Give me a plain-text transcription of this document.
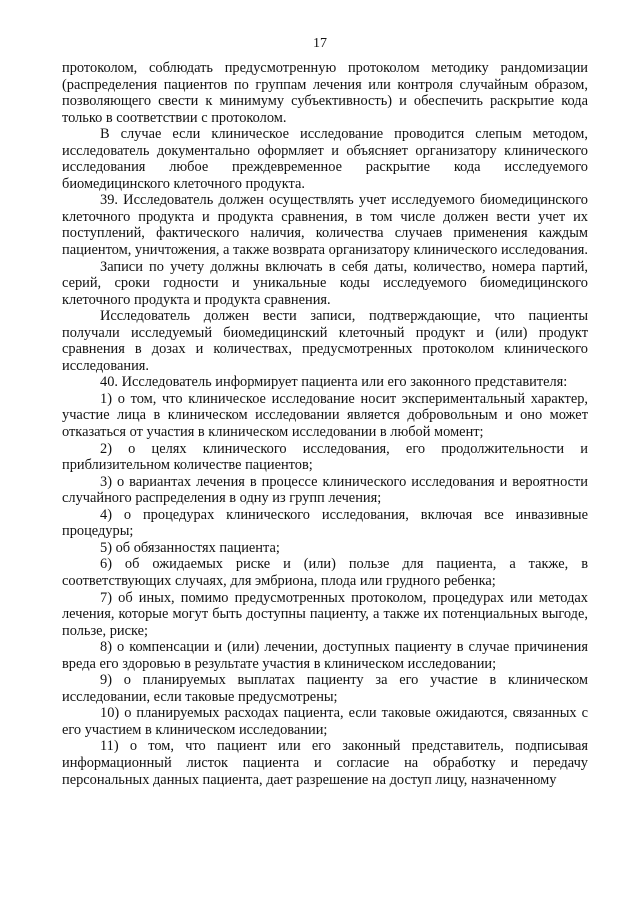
17

протоколом, соблюдать предусмотренную протоколом методику рандомизации (распределения пациентов по группам лечения или контроля случайным образом, позволяющего свести к минимуму субъективность) и обеспечить раскрытие кода только в соответствии с протоколом.

В случае если клиническое исследование проводится слепым методом, исследователь документально оформляет и объясняет организатору клинического исследования любое преждевременное раскрытие кода исследуемого биомедицинского клеточного продукта.

39. Исследователь должен осуществлять учет исследуемого биомедицинского клеточного продукта и продукта сравнения, в том числе должен вести учет их поступлений, фактического наличия, количества случаев применения каждым пациентом, уничтожения, а также возврата организатору клинического исследования.

Записи по учету должны включать в себя даты, количество, номера партий, серий, сроки годности и уникальные коды исследуемого биомедицинского клеточного продукта и продукта сравнения.

Исследователь должен вести записи, подтверждающие, что пациенты получали исследуемый биомедицинский клеточный продукт и (или) продукт сравнения в дозах и количествах, предусмотренных протоколом клинического исследования.

40. Исследователь информирует пациента или его законного представителя:

1) о том, что клиническое исследование носит экспериментальный характер, участие лица в клиническом исследовании является добровольным и оно может отказаться от участия в клиническом исследовании в любой момент;

2) о целях клинического исследования, его продолжительности и приблизительном количестве пациентов;

3) о вариантах лечения в процессе клинического исследования и вероятности случайного распределения в одну из групп лечения;

4) о процедурах клинического исследования, включая все инвазивные процедуры;

5) об обязанностях пациента;

6) об ожидаемых риске и (или) пользе для пациента, а также, в соответствующих случаях, для эмбриона, плода или грудного ребенка;

7) об иных, помимо предусмотренных протоколом, процедурах или методах лечения, которые могут быть доступны пациенту, а также их потенциальных выгоде, пользе, риске;

8) о компенсации и (или) лечении, доступных пациенту в случае причинения вреда его здоровью в результате участия в клиническом исследовании;

9) о планируемых выплатах пациенту за его участие в клиническом исследовании, если таковые предусмотрены;

10) о планируемых расходах пациента, если таковые ожидаются, связанных с его участием в клиническом исследовании;

11) о том, что пациент или его законный представитель, подписывая информационный листок пациента и согласие на обработку и передачу персональных данных пациента, дает разрешение на доступ лицу, назначенному
